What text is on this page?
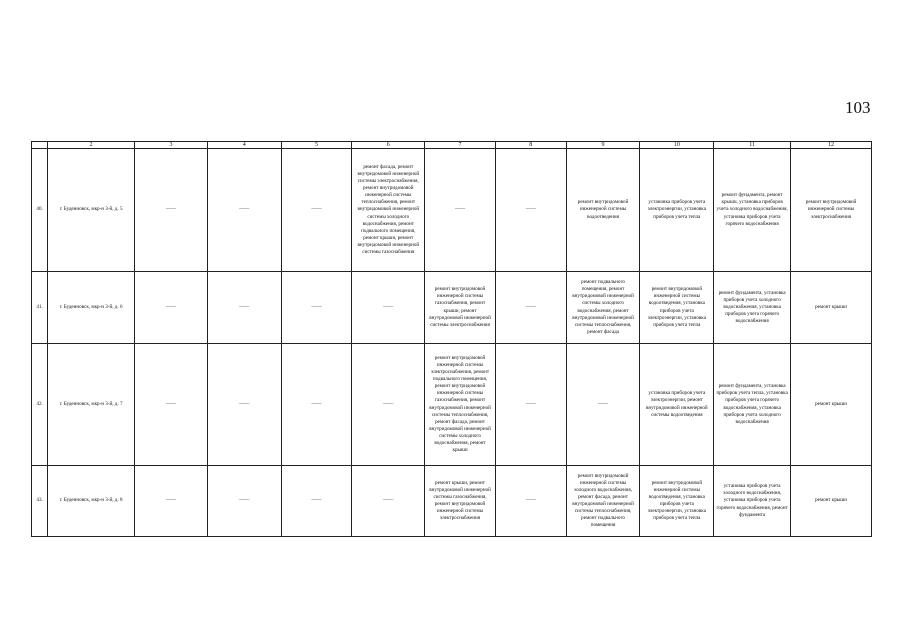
103
	2	3	4	5	6	7	8	9	10	11	12
40.	г. Буденновск, мкр-н 3-й, д. 5	——	——	——	ремонт фасада, ремонт внутридомовой инженерной системы электроснабжения, ремонт внутридомовой инженерной системы теплоснабжения, ремонт внутридомовой инженерной системы холодного водоснабжения, ремонт подвального помещения, ремонт крыши, ремонт внутридомовой инженерной системы газоснабжения	——	——	ремонт внутридомовой инженерной системы водоотведения	установка приборов учета электроэнергии, установка приборов учета тепла	ремонт фундамента, ремонт крыши, установка приборов учета холодного водоснабжения, установка приборов учета горячего водоснабжения	ремонт внутридомовой инженерной системы электроснабжения
41.	г. Буденновск, мкр-н 3-й, д. 6	——	——	——	——	ремонт внутридомовой инженерной системы газоснабжения, ремонт крыши, ремонт внутридомовой инженерной системы электроснабжения	——	ремонт подвального помещения, ремонт внутридомовой инженерной системы холодного водоснабжения, ремонт внутридомовой инженерной системы теплоснабжения, ремонт фасада	ремонт внутридомовой инженерной системы водоотведения, установка приборов учета электроэнергии, установка приборов учета тепла	ремонт фундамента, установка приборов учета холодного водоснабжения, установка приборов учета горячего водоснабжения	ремонт крыши
42.	г. Буденновск, мкр-н 3-й, д. 7	——	——	——	——	ремонт внутридомовой инженерной системы электроснабжения, ремонт подвального помещения, ремонт внутридомовой инженерной системы газоснабжения, ремонт внутридомовой инженерной системы теплоснабжения, ремонт фасада, ремонт внутридомовой инженерной системы холодного водоснабжения, ремонт крыши	——	——	установка приборов учета электроэнергии, ремонт внутридомовой инженерной системы водоотведения	ремонт фундамента, установка приборов учета тепла, установка приборов учета горячего водоснабжения, установка приборов учета холодного водоснабжения	ремонт крыши
43.	г. Буденновск, мкр-н 3-й, д. 8	——	——	——	——	ремонт крыши, ремонт внутридомовой инженерной системы газоснабжения, ремонт внутридомовой инженерной системы электроснабжения	——	ремонт внутридомовой инженерной системы холодного водоснабжения, ремонт фасада, ремонт внутридомовой инженерной системы теплоснабжения, ремонт подвального помещения	ремонт внутридомовой инженерной системы водоотведения, установка приборов учета электроэнергии, установка приборов учета тепла	установка приборов учета холодного водоснабжения, установка приборов учета горячего водоснабжения, ремонт фундамента	ремонт крыши
